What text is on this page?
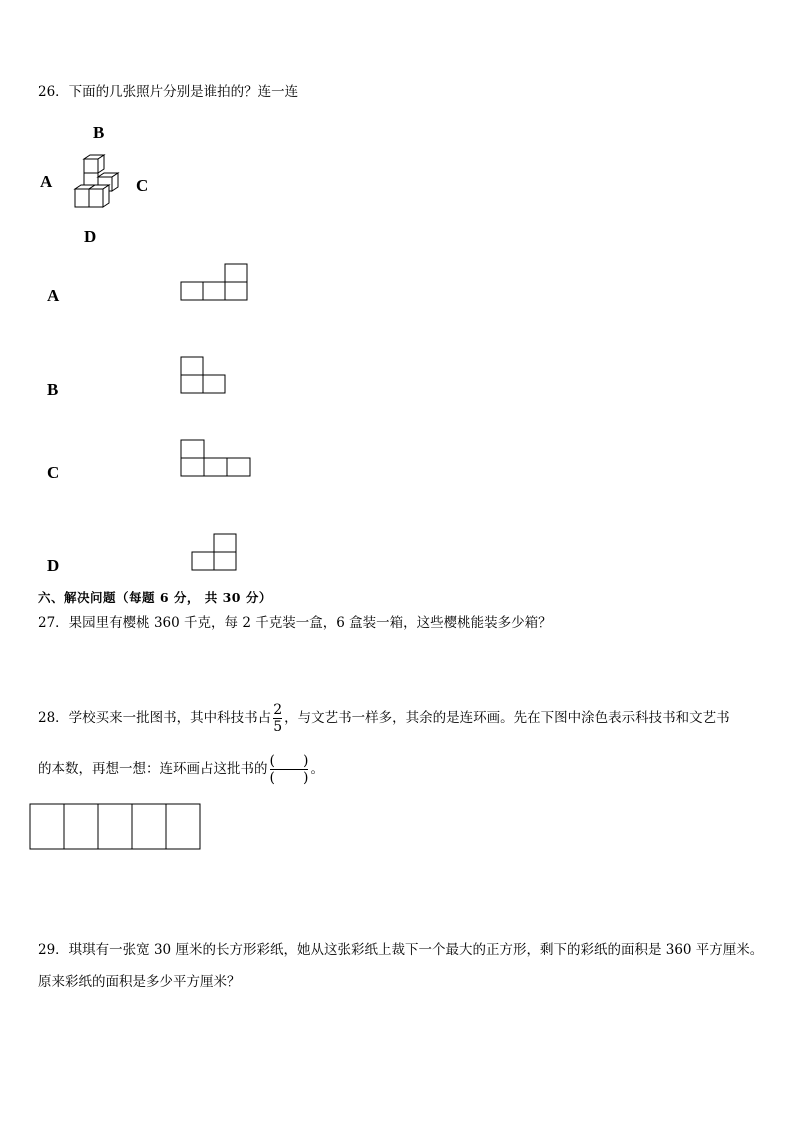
26．下面的几张照片分别是谁拍的？连一连
B
A	C
D
A
B
C
D
六、解决问题（每题 6 分， 共 30 分）
27．果园里有樱桃 360 千克，每 2 千克装一盒，6 盒装一箱，这些樱桃能装多少箱？
28．学校买来一批图书，其中科技书占 $\frac{2}{5}$ ，与文艺书一样多，其余的是连环画。先在下图中涂色表示科技书和文艺书
的本数，再想一想：连环画占这批书的 $\frac{( )}{( )}$ 。
29．琪琪有一张宽 30 厘米的长方形彩纸，她从这张彩纸上裁下一个最大的正方形，剩下的彩纸的面积是 360 平方厘米。
原来彩纸的面积是多少平方厘米？
